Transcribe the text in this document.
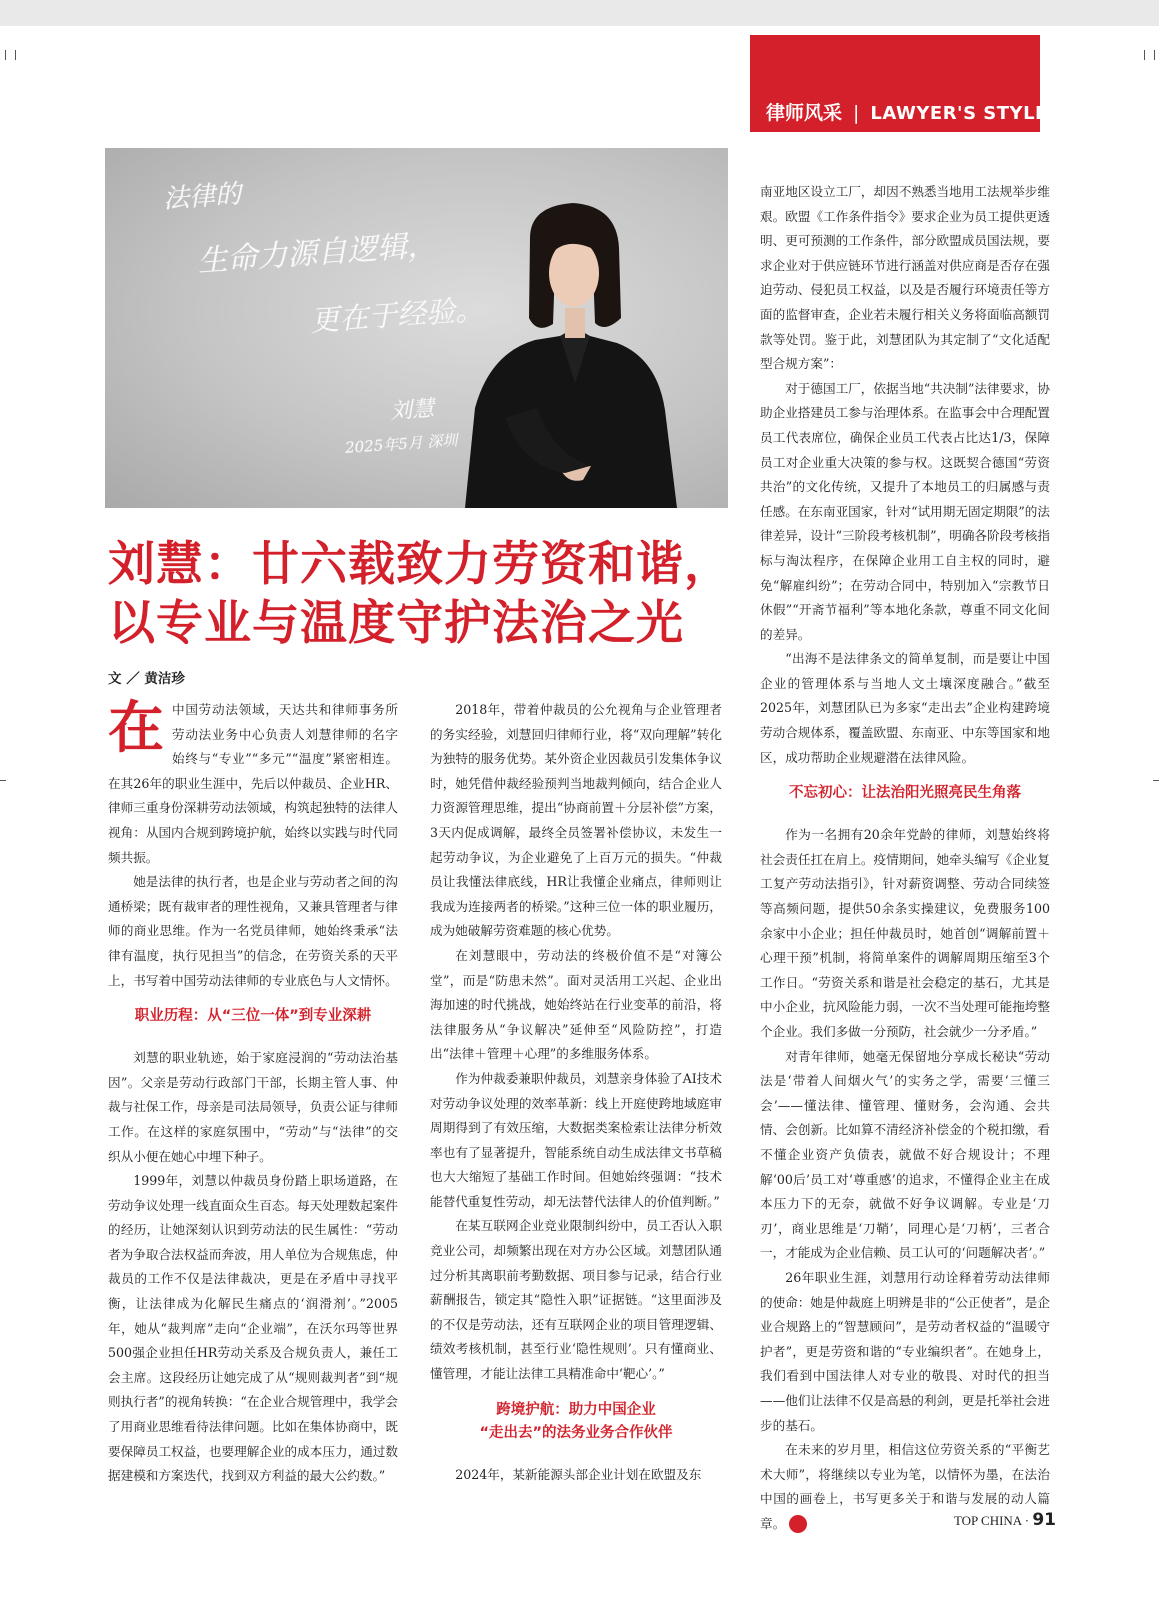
律师风采 | LAWYER'S STYLE
法律的
生命力源自逻辑，
更在于经验。
刘慧
2025年5月 深圳
刘慧：廿六载致力劳资和谐，
以专业与温度守护法治之光
文 ／ 黄洁珍
在 中国劳动法领域，天达共和律师事务所劳动法业务中心负责人刘慧律师的名字始终与“专业”“多元”“温度”紧密相连。在其26年的职业生涯中，先后以仲裁员、企业HR、律师三重身份深耕劳动法领域，构筑起独特的法律人视角：从国内合规到跨境护航，始终以实践与时代同频共振。

她是法律的执行者，也是企业与劳动者之间的沟通桥梁；既有裁审者的理性视角，又兼具管理者与律师的商业思维。作为一名党员律师，她始终秉承“法律有温度，执行见担当”的信念，在劳资关系的天平上，书写着中国劳动法律师的专业底色与人文情怀。

职业历程：从“三位一体”到专业深耕

刘慧的职业轨迹，始于家庭浸润的“劳动法治基因”。父亲是劳动行政部门干部，长期主管人事、仲裁与社保工作，母亲是司法局领导，负责公证与律师工作。在这样的家庭氛围中，“劳动”与“法律”的交织从小便在她心中埋下种子。

1999年，刘慧以仲裁员身份踏上职场道路，在劳动争议处理一线直面众生百态。每天处理数起案件的经历，让她深刻认识到劳动法的民生属性：“劳动者为争取合法权益而奔波，用人单位为合规焦虑，仲裁员的工作不仅是法律裁决，更是在矛盾中寻找平衡，让法律成为化解民生痛点的‘润滑剂’。”2005年，她从“裁判席”走向“企业端”，在沃尔玛等世界500强企业担任HR劳动关系及合规负责人，兼任工会主席。这段经历让她完成了从“规则裁判者”到“规则执行者”的视角转换：“在企业合规管理中，我学会了用商业思维看待法律问题。比如在集体协商中，既要保障员工权益，也要理解企业的成本压力，通过数据建模和方案迭代，找到双方利益的最大公约数。”

2018年，带着仲裁员的公允视角与企业管理者的务实经验，刘慧回归律师行业，将“双向理解”转化为独特的服务优势。某外资企业因裁员引发集体争议时，她凭借仲裁经验预判当地裁判倾向，结合企业人力资源管理思维，提出“协商前置＋分层补偿”方案，3天内促成调解，最终全员签署补偿协议，未发生一起劳动争议，为企业避免了上百万元的损失。“仲裁员让我懂法律底线，HR让我懂企业痛点，律师则让我成为连接两者的桥梁。”这种三位一体的职业履历，成为她破解劳资难题的核心优势。

在刘慧眼中，劳动法的终极价值不是“对簿公堂”，而是“防患未然”。面对灵活用工兴起、企业出海加速的时代挑战，她始终站在行业变革的前沿，将法律服务从“争议解决”延伸至“风险防控”，打造出“法律＋管理＋心理”的多维服务体系。

作为仲裁委兼职仲裁员，刘慧亲身体验了AI技术对劳动争议处理的效率革新：线上开庭使跨地域庭审周期得到了有效压缩，大数据类案检索让法律分析效率也有了显著提升，智能系统自动生成法律文书草稿也大大缩短了基础工作时间。但她始终强调：“技术能替代重复性劳动，却无法替代法律人的价值判断。”

在某互联网企业竞业限制纠纷中，员工否认入职竞业公司，却频繁出现在对方办公区域。刘慧团队通过分析其离职前考勤数据、项目参与记录，结合行业薪酬报告，锁定其“隐性入职”证据链。“这里面涉及的不仅是劳动法，还有互联网企业的项目管理逻辑、绩效考核机制，甚至行业‘隐性规则’。只有懂商业、懂管理，才能让法律工具精准命中‘靶心’。”

跨境护航：助力中国企业
“走出去”的法务业务合作伙伴

2024年，某新能源头部企业计划在欧盟及东

南亚地区设立工厂，却因不熟悉当地用工法规举步维艰。欧盟《工作条件指令》要求企业为员工提供更透明、更可预测的工作条件，部分欧盟成员国法规，要求企业对于供应链环节进行涵盖对供应商是否存在强迫劳动、侵犯员工权益，以及是否履行环境责任等方面的监督审查，企业若未履行相关义务将面临高额罚款等处罚。鉴于此，刘慧团队为其定制了“文化适配型合规方案”：

对于德国工厂，依据当地“共决制”法律要求，协助企业搭建员工参与治理体系。在监事会中合理配置员工代表席位，确保企业员工代表占比达1/3，保障员工对企业重大决策的参与权。这既契合德国“劳资共治”的文化传统，又提升了本地员工的归属感与责任感。在东南亚国家，针对“试用期无固定期限”的法律差异，设计“三阶段考核机制”，明确各阶段考核指标与淘汰程序，在保障企业用工自主权的同时，避免“解雇纠纷”；在劳动合同中，特别加入“宗教节日休假”“开斋节福利”等本地化条款，尊重不同文化间的差异。

“出海不是法律条文的简单复制，而是要让中国企业的管理体系与当地人文土壤深度融合。”截至2025年，刘慧团队已为多家“走出去”企业构建跨境劳动合规体系，覆盖欧盟、东南亚、中东等国家和地区，成功帮助企业规避潜在法律风险。

不忘初心：让法治阳光照亮民生角落

作为一名拥有20余年党龄的律师，刘慧始终将社会责任扛在肩上。疫情期间，她牵头编写《企业复工复产劳动法指引》，针对薪资调整、劳动合同续签等高频问题，提供50余条实操建议，免费服务100余家中小企业；担任仲裁员时，她首创“调解前置＋心理干预”机制，将简单案件的调解周期压缩至3个工作日。“劳资关系和谐是社会稳定的基石，尤其是中小企业，抗风险能力弱，一次不当处理可能拖垮整个企业。我们多做一分预防，社会就少一分矛盾。”

对青年律师，她毫无保留地分享成长秘诀“劳动法是‘带着人间烟火气’的实务之学，需要‘三懂三会’——懂法律、懂管理、懂财务，会沟通、会共情、会创新。比如算不清经济补偿金的个税扣缴，看不懂企业资产负债表，就做不好合规设计；不理解‘00后’员工对‘尊重感’的追求，不懂得企业主在成本压力下的无奈，就做不好争议调解。专业是‘刀刃’，商业思维是‘刀鞘’，同理心是‘刀柄’，三者合一，才能成为企业信赖、员工认可的‘问题解决者’。”

26年职业生涯，刘慧用行动诠释着劳动法律师的使命：她是仲裁庭上明辨是非的“公正使者”，是企业合规路上的“智慧顾问”，是劳动者权益的“温暖守护者”，更是劳资和谐的“专业编织者”。在她身上，我们看到中国法律人对专业的敬畏、对时代的担当——他们让法律不仅是高悬的利剑，更是托举社会进步的基石。

在未来的岁月里，相信这位劳资关系的“平衡艺术大师”，将继续以专业为笔，以情怀为墨，在法治中国的画卷上，书写更多关于和谐与发展的动人篇章。	中	TOP CHINA · 91
